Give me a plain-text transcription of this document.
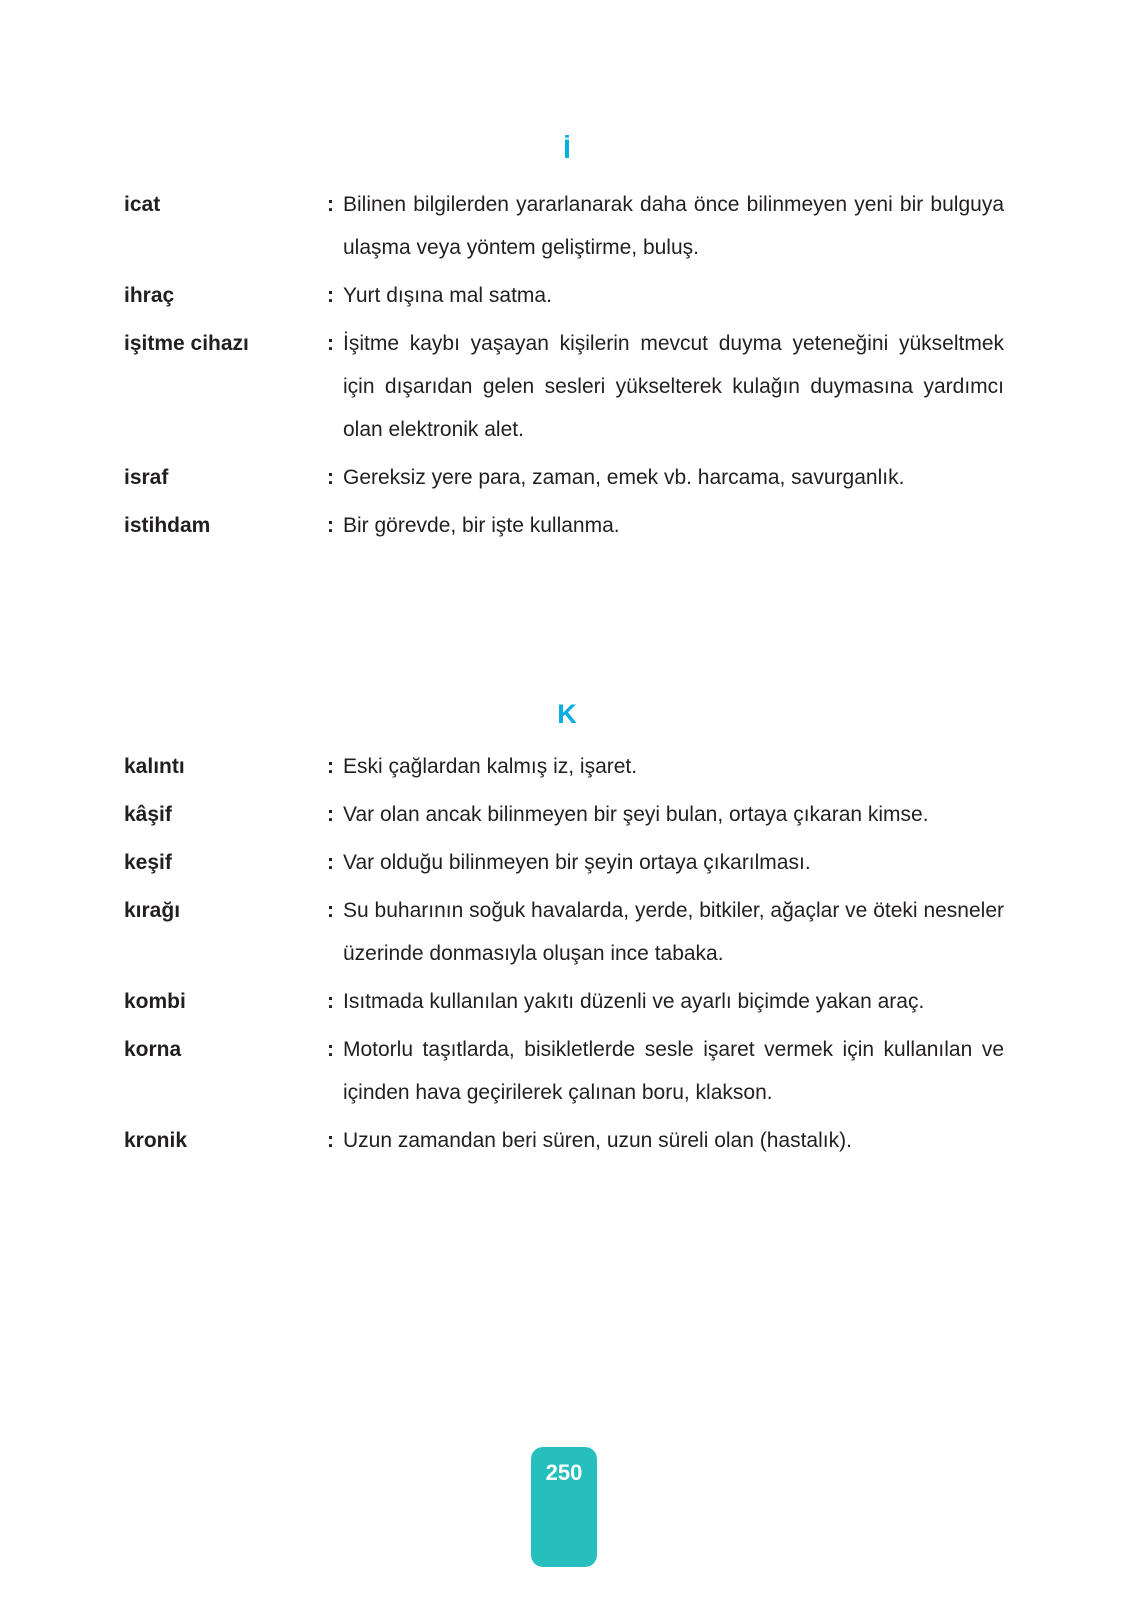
İ
icat	: Bilinen bilgilerden yararlanarak daha önce bilinmeyen yeni bir bulguya ulaşma veya yöntem geliştirme, buluş.
ihraç	: Yurt dışına mal satma.
işitme cihazı	: İşitme kaybı yaşayan kişilerin mevcut duyma yeteneğini yükseltmek için dışarıdan gelen sesleri yükselterek kulağın duymasına yardımcı olan elektronik alet.
israf	: Gereksiz yere para, zaman, emek vb. harcama, savurganlık.
istihdam	: Bir görevde, bir işte kullanma.
K
kalıntı	: Eski çağlardan kalmış iz, işaret.
kâşif	: Var olan ancak bilinmeyen bir şeyi bulan, ortaya çıkaran kimse.
keşif	: Var olduğu bilinmeyen bir şeyin ortaya çıkarılması.
kırağı	: Su buharının soğuk havalarda, yerde, bitkiler, ağaçlar ve öteki nesneler üzerinde donmasıyla oluşan ince tabaka.
kombi	: Isıtmada kullanılan yakıtı düzenli ve ayarlı biçimde yakan araç.
korna	: Motorlu taşıtlarda, bisikletlerde sesle işaret vermek için kullanılan ve içinden hava geçirilerek çalınan boru, klakson.
kronik	: Uzun zamandan beri süren, uzun süreli olan (hastalık).
250
